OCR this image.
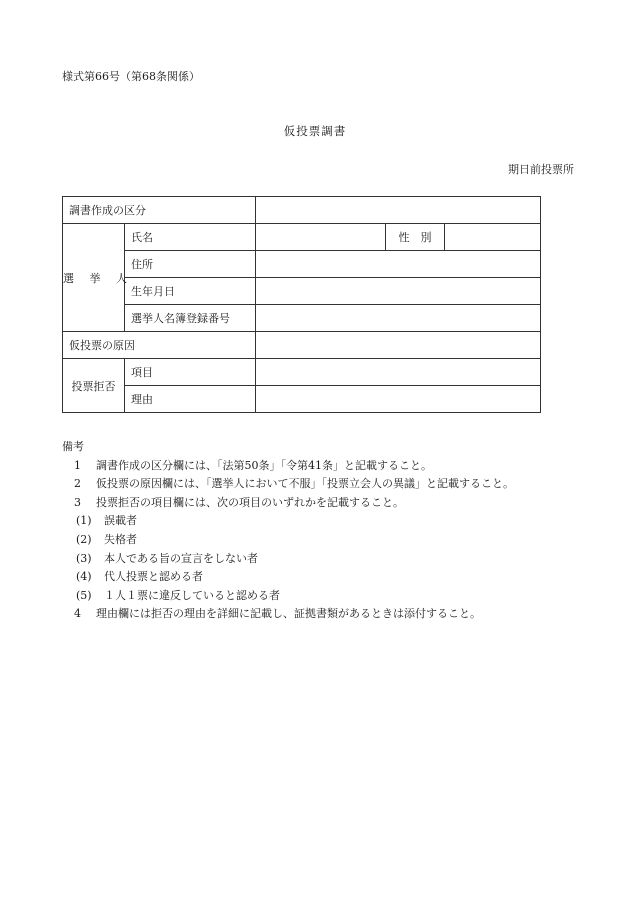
様式第66号（第68条関係）
仮投票調書
期日前投票所
調書作成の区分				
選 挙 人	氏名		性　別	
	住所			
	生年月日			
	選挙人名簿登録番号			
仮投票の原因				
投票拒否	項目			
	理由			
備考
1 調書作成の区分欄には、「法第50条」「令第41条」と記載すること。
2 仮投票の原因欄には、「選挙人において不服」「投票立会人の異議」と記載すること。
3 投票拒否の項目欄には、次の項目のいずれかを記載すること。
(1) 誤載者
(2) 失格者
(3) 本人である旨の宣言をしない者
(4) 代人投票と認める者
(5) １人１票に違反していると認める者
4 理由欄には拒否の理由を詳細に記載し、証拠書類があるときは添付すること。
